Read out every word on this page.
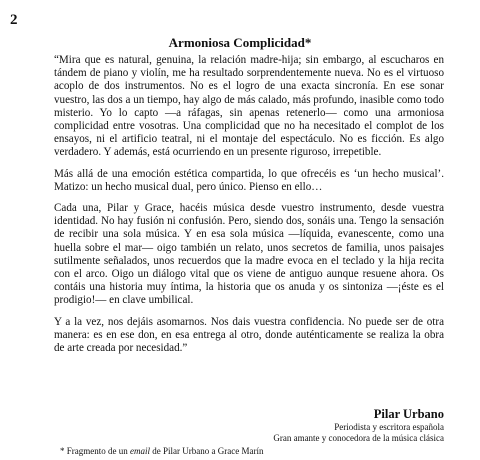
2
Armoniosa Complicidad*

“Mira que es natural, genuina, la relación madre-hija; sin embargo, al escucharos en tándem de piano y violín, me ha resultado sorprendentemente nueva. No es el virtuoso acoplo de dos instrumentos. No es el logro de una exacta sincronía. En ese sonar vuestro, las dos a un tiempo, hay algo de más calado, más profundo, inasible como todo misterio. Yo lo capto —a ráfagas, sin apenas retenerlo— como una armoniosa complicidad entre vosotras. Una complicidad que no ha necesitado el complot de los ensayos, ni el artificio teatral, ni el montaje del espectáculo. No es ficción. Es algo verdadero. Y además, está ocurriendo en un presente riguroso, irrepetible.

Más allá de una emoción estética compartida, lo que ofrecéis es ‘un hecho musical’. Matizo: un hecho musical dual, pero único. Pienso en ello…

Cada una, Pilar y Grace, hacéis música desde vuestro instrumento, desde vuestra identidad. No hay fusión ni confusión. Pero, siendo dos, sonáis una. Tengo la sensación de recibir una sola música. Y en esa sola música —líquida, evanescente, como una huella sobre el mar— oigo también un relato, unos secretos de familia, unos paisajes sutilmente señalados, unos recuerdos que la madre evoca en el teclado y la hija recita con el arco. Oigo un diálogo vital que os viene de antiguo aunque resuene ahora. Os contáis una historia muy íntima, la historia que os anuda y os sintoniza —¡éste es el prodigio!— en clave umbilical.

Y a la vez, nos dejáis asomarnos. Nos dais vuestra confidencia. No puede ser de otra manera: es en ese don, en esa entrega al otro, donde auténticamente se realiza la obra de arte creada por necesidad.”

Pilar Urbano
Periodista y escritora española
Gran amante y conocedora de la música clásica
* Fragmento de un email de Pilar Urbano a Grace Marín
